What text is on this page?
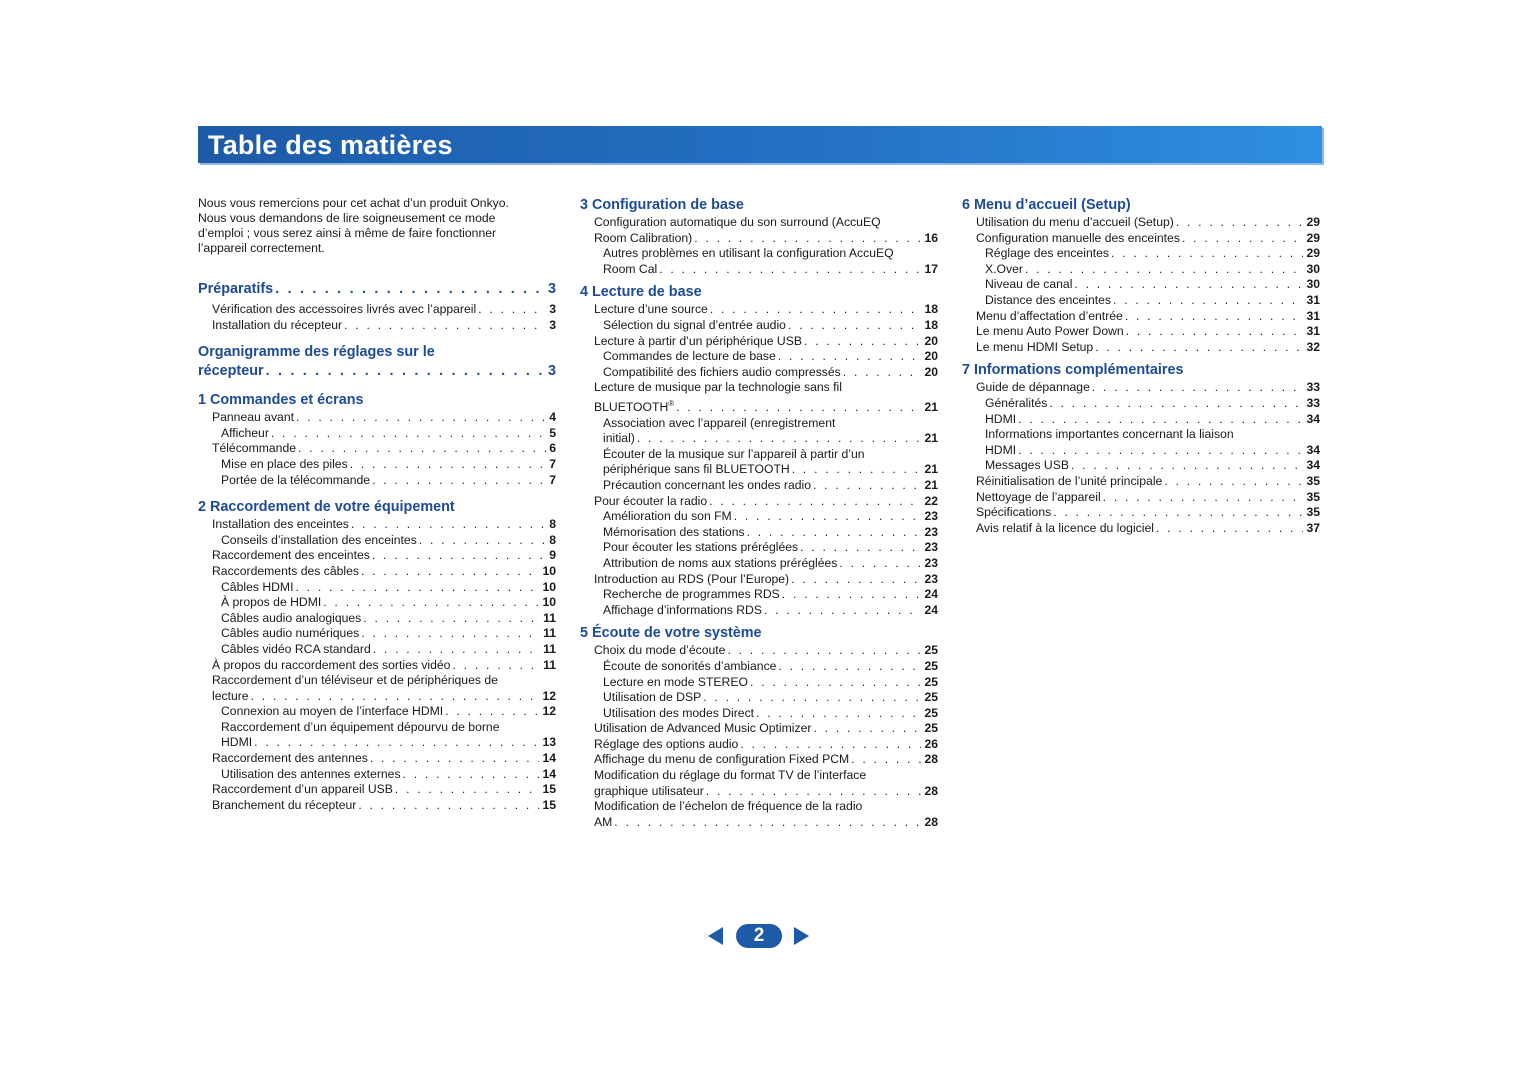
Table des matières
Nous vous remercions pour cet achat d’un produit Onkyo.
Nous vous demandons de lire soigneusement ce mode
d’emploi ; vous serez ainsi à même de faire fonctionner
l’appareil correctement.
Préparatifs . . .	3
Vérification des accessoires livrés avec l’appareil . . .	3
Installation du récepteur . . .	3
Organigramme des réglages sur le
récepteur . . .	3
1 Commandes et écrans
Panneau avant . . .	4
Afficheur . . .	5
Télécommande . . .	6
Mise en place des piles . . .	7
Portée de la télécommande . . .	7
2 Raccordement de votre équipement
Installation des enceintes . . .	8
Conseils d’installation des enceintes . . .	8
Raccordement des enceintes . . .	9
Raccordements des câbles . . .	10
Câbles HDMI . . .	10
À propos de HDMI . . .	10
Câbles audio analogiques . . .	11
Câbles audio numériques . . .	11
Câbles vidéo RCA standard . . .	11
À propos du raccordement des sorties vidéo . . .	11
Raccordement d’un téléviseur et de périphériques de
lecture . . .	12
Connexion au moyen de l’interface HDMI . . .	12
Raccordement d’un équipement dépourvu de borne
HDMI . . .	13
Raccordement des antennes . . .	14
Utilisation des antennes externes . . .	14
Raccordement d’un appareil USB . . .	15
Branchement du récepteur . . .	15
3 Configuration de base
Configuration automatique du son surround (AccuEQ
Room Calibration) . . .	16
Autres problèmes en utilisant la configuration AccuEQ
Room Cal . . .	17
4 Lecture de base
Lecture d’une source . . .	18
Sélection du signal d’entrée audio . . .	18
Lecture à partir d’un périphérique USB . . .	20
Commandes de lecture de base . . .	20
Compatibilité des fichiers audio compressés . . .	20
Lecture de musique par la technologie sans fil
BLUETOOTH® . . .	21
Association avec l’appareil (enregistrement
initial) . . .	21
Écouter de la musique sur l’appareil à partir d’un
périphérique sans fil BLUETOOTH . . .	21
Précaution concernant les ondes radio . . .	21
Pour écouter la radio . . .	22
Amélioration du son FM . . .	23
Mémorisation des stations . . .	23
Pour écouter les stations préréglées . . .	23
Attribution de noms aux stations préréglées . . .	23
Introduction au RDS (Pour l’Europe) . . .	23
Recherche de programmes RDS . . .	24
Affichage d’informations RDS . . .	24
5 Écoute de votre système
Choix du mode d’écoute . . .	25
Écoute de sonorités d’ambiance . . .	25
Lecture en mode STEREO . . .	25
Utilisation de DSP . . .	25
Utilisation des modes Direct . . .	25
Utilisation de Advanced Music Optimizer . . .	25
Réglage des options audio . . .	26
Affichage du menu de configuration Fixed PCM . . .	28
Modification du réglage du format TV de l’interface
graphique utilisateur . . .	28
Modification de l’échelon de fréquence de la radio
AM . . .	28
6 Menu d’accueil (Setup)
Utilisation du menu d’accueil (Setup) . . .	29
Configuration manuelle des enceintes . . .	29
Réglage des enceintes . . .	29
X.Over . . .	30
Niveau de canal . . .	30
Distance des enceintes . . .	31
Menu d’affectation d’entrée . . .	31
Le menu Auto Power Down . . .	31
Le menu HDMI Setup . . .	32
7 Informations complémentaires
Guide de dépannage . . .	33
Généralités . . .	33
HDMI . . .	34
Informations importantes concernant la liaison
HDMI . . .	34
Messages USB . . .	34
Réinitialisation de l’unité principale . . .	35
Nettoyage de l’appareil . . .	35
Spécifications . . .	35
Avis relatif à la licence du logiciel . . .	37
2
